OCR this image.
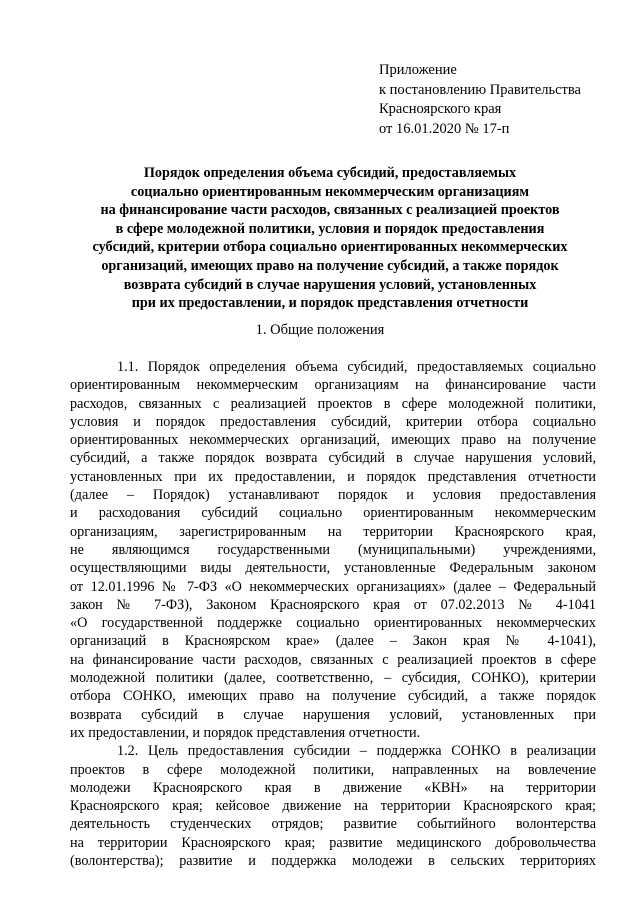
Приложение
к постановлению Правительства
Красноярского края
от 16.01.2020 № 17-п
Порядок определения объема субсидий, предоставляемых
социально ориентированным некоммерческим организациям
на финансирование части расходов, связанных с реализацией проектов
в сфере молодежной политики, условия и порядок предоставления
субсидий, критерии отбора социально ориентированных некоммерческих
организаций, имеющих право на получение субсидий, а также порядок
возврата субсидий в случае нарушения условий, установленных
при их предоставлении, и порядок представления отчетности
1. Общие положения
1.1. Порядок определения объема субсидий, предоставляемых социально
ориентированным некоммерческим организациям на финансирование части
расходов, связанных с реализацией проектов в сфере молодежной политики,
условия и порядок предоставления субсидий, критерии отбора социально
ориентированных некоммерческих организаций, имеющих право на получение
субсидий, а также порядок возврата субсидий в случае нарушения условий,
установленных при их предоставлении, и порядок представления отчетности
(далее – Порядок) устанавливают порядок и условия предоставления
и расходования субсидий социально ориентированным некоммерческим
организациям, зарегистрированным на территории Красноярского края,
не являющимся государственными (муниципальными) учреждениями,
осуществляющими виды деятельности, установленные Федеральным законом
от 12.01.1996 № 7-ФЗ «О некоммерческих организациях» (далее – Федеральный
закон № 7-ФЗ), Законом Красноярского края от 07.02.2013 № 4-1041
«О государственной поддержке социально ориентированных некоммерческих
организаций в Красноярском крае» (далее – Закон края № 4-1041),
на финансирование части расходов, связанных с реализацией проектов в сфере
молодежной политики (далее, соответственно, – субсидия, СОНКО), критерии
отбора СОНКО, имеющих право на получение субсидий, а также порядок
возврата субсидий в случае нарушения условий, установленных при
их предоставлении, и порядок представления отчетности.
1.2. Цель предоставления субсидии – поддержка СОНКО в реализации
проектов в сфере молодежной политики, направленных на вовлечение
молодежи Красноярского края в движение «КВН» на территории
Красноярского края; кейсовое движение на территории Красноярского края;
деятельность студенческих отрядов; развитие событийного волонтерства
на территории Красноярского края; развитие медицинского добровольчества
(волонтерства); развитие и поддержка молодежи в сельских территориях
